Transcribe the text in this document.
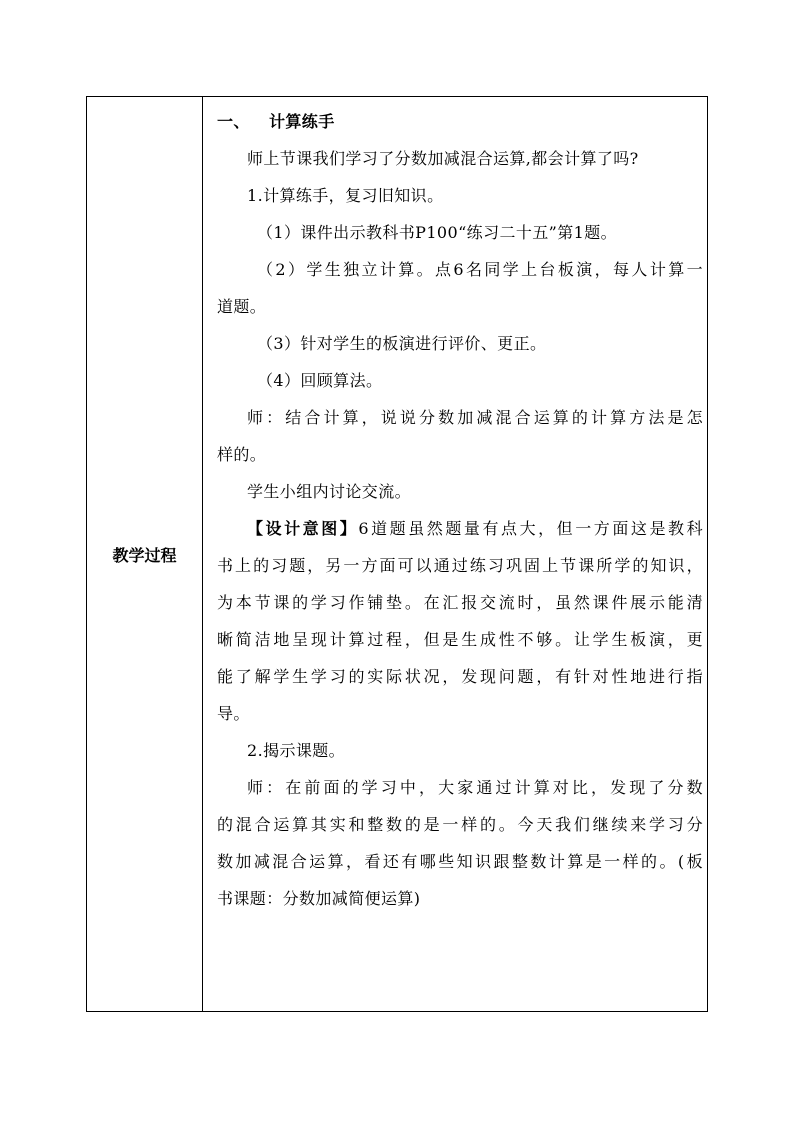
教学过程
一、 计算练手
师上节课我们学习了分数加减混合运算,都会计算了吗?
1.计算练手，复习旧知识。
（1）课件出示教科书P100“练习二十五”第1题。
（2）学生独立计算。点6名同学上台板演，每人计算一
道题。
（3）针对学生的板演进行评价、更正。
（4）回顾算法。
师：结合计算，说说分数加减混合运算的计算方法是怎
样的。
学生小组内讨论交流。
【设计意图】6道题虽然题量有点大，但一方面这是教科
书上的习题，另一方面可以通过练习巩固上节课所学的知识，
为本节课的学习作铺垫。在汇报交流时，虽然课件展示能清
晰简洁地呈现计算过程，但是生成性不够。让学生板演，更
能了解学生学习的实际状况，发现问题，有针对性地进行指
导。
2.揭示课题。
师：在前面的学习中，大家通过计算对比，发现了分数
的混合运算其实和整数的是一样的。今天我们继续来学习分
数加减混合运算，看还有哪些知识跟整数计算是一样的。(板
书课题：分数加减简便运算)
